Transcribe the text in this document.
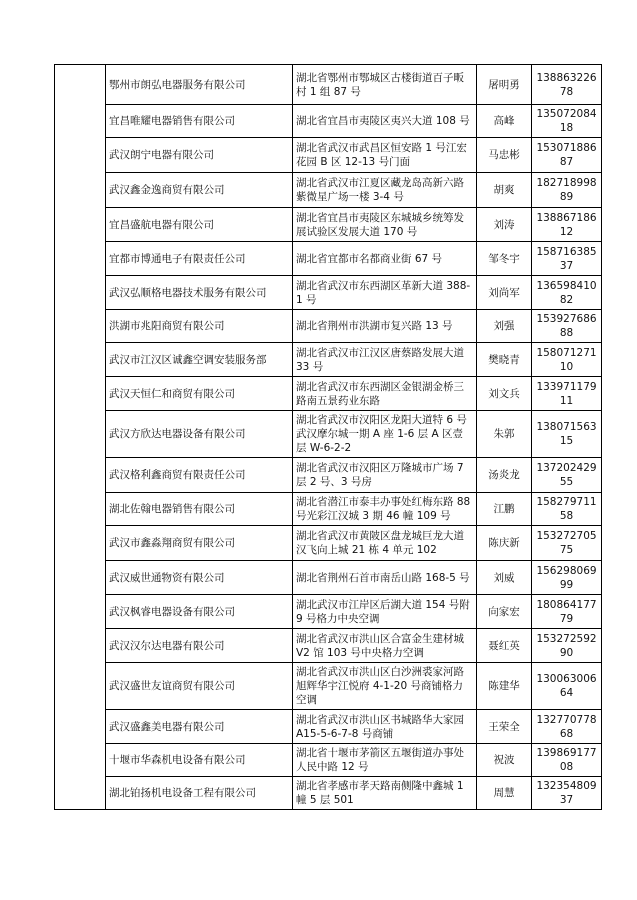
	鄂州市朗弘电器服务有限公司	湖北省鄂州市鄂城区古楼街道百子畈村 1 组 87 号	屠明勇	13886322678
	宜昌唯耀电器销售有限公司	湖北省宜昌市夷陵区夷兴大道 108 号	高峰	13507208418
	武汉朗宁电器有限公司	湖北省武汉市武昌区恒安路 1 号江宏花园 B 区 12-13 号门面	马忠彬	15307188687
	武汉鑫金逸商贸有限公司	湖北省武汉市江夏区藏龙岛高新六路紫微星广场一楼 3-4 号	胡爽	18271899889
	宜昌盛航电器有限公司	湖北省宜昌市夷陵区东城城乡统筹发展试验区发展大道 170 号	刘涛	13886718612
	宜都市博通电子有限责任公司	湖北省宜都市名都商业街 67 号	邹冬宇	15871638537
	武汉弘顺格电器技术服务有限公司	湖北省武汉市东西湖区革新大道 388-1 号	刘尚军	13659841082
	洪湖市兆阳商贸有限公司	湖北省荆州市洪湖市复兴路 13 号	刘强	15392768688
	武汉市江汉区诚鑫空调安装服务部	湖北省武汉市江汉区唐蔡路发展大道 33 号	樊晓青	15807127110
	武汉天恒仁和商贸有限公司	湖北省武汉市东西湖区金银湖金桥三路南五景药业东路	刘文兵	13397117911
	武汉方欣达电器设备有限公司	湖北省武汉市汉阳区龙阳大道特 6 号武汉摩尔城一期 A 座 1-6 层 A 区壹层 W-6-2-2	朱郭	13807156315
	武汉格利鑫商贸有限责任公司	湖北省武汉市汉阳区万隆城市广场 7 层 2 号、3 号房	汤炎龙	13720242955
	湖北佐翰电器销售有限公司	湖北省潜江市泰丰办事处红梅东路 88 号光彩江汉城 3 期 46 幢 109 号	江鹏	15827971158
	武汉市鑫淼翔商贸有限公司	湖北省武汉市黄陂区盘龙城巨龙大道汉飞向上城 21 栋 4 单元 102	陈庆新	15327270575
	武汉威世通物资有限公司	湖北省荆州石首市南岳山路 168-5 号	刘威	15629806999
	武汉枫睿电器设备有限公司	湖北武汉市江岸区后湖大道 154 号附 9 号格力中央空调	向家宏	18086417779
	武汉汉尔达电器有限公司	湖北省武汉市洪山区合富金生建材城 V2 馆 103 号中央格力空调	聂红英	15327259290
	武汉盛世友谊商贸有限公司	湖北省武汉市洪山区白沙洲裘家河路旭辉华宇江悦府 4-1-20 号商铺格力空调	陈建华	13006300664
	武汉盛鑫美电器有限公司	湖北省武汉市洪山区书城路华大家园 A15-5-6-7-8 号商铺	王荣全	13277077868
	十堰市华森机电设备有限公司	湖北省十堰市茅箭区五堰街道办事处人民中路 12 号	祝波	13986917708
	湖北铂扬机电设备工程有限公司	湖北省孝感市孝天路南侧隆中鑫城 1 幢 5 层 501	周慧	13235480937
